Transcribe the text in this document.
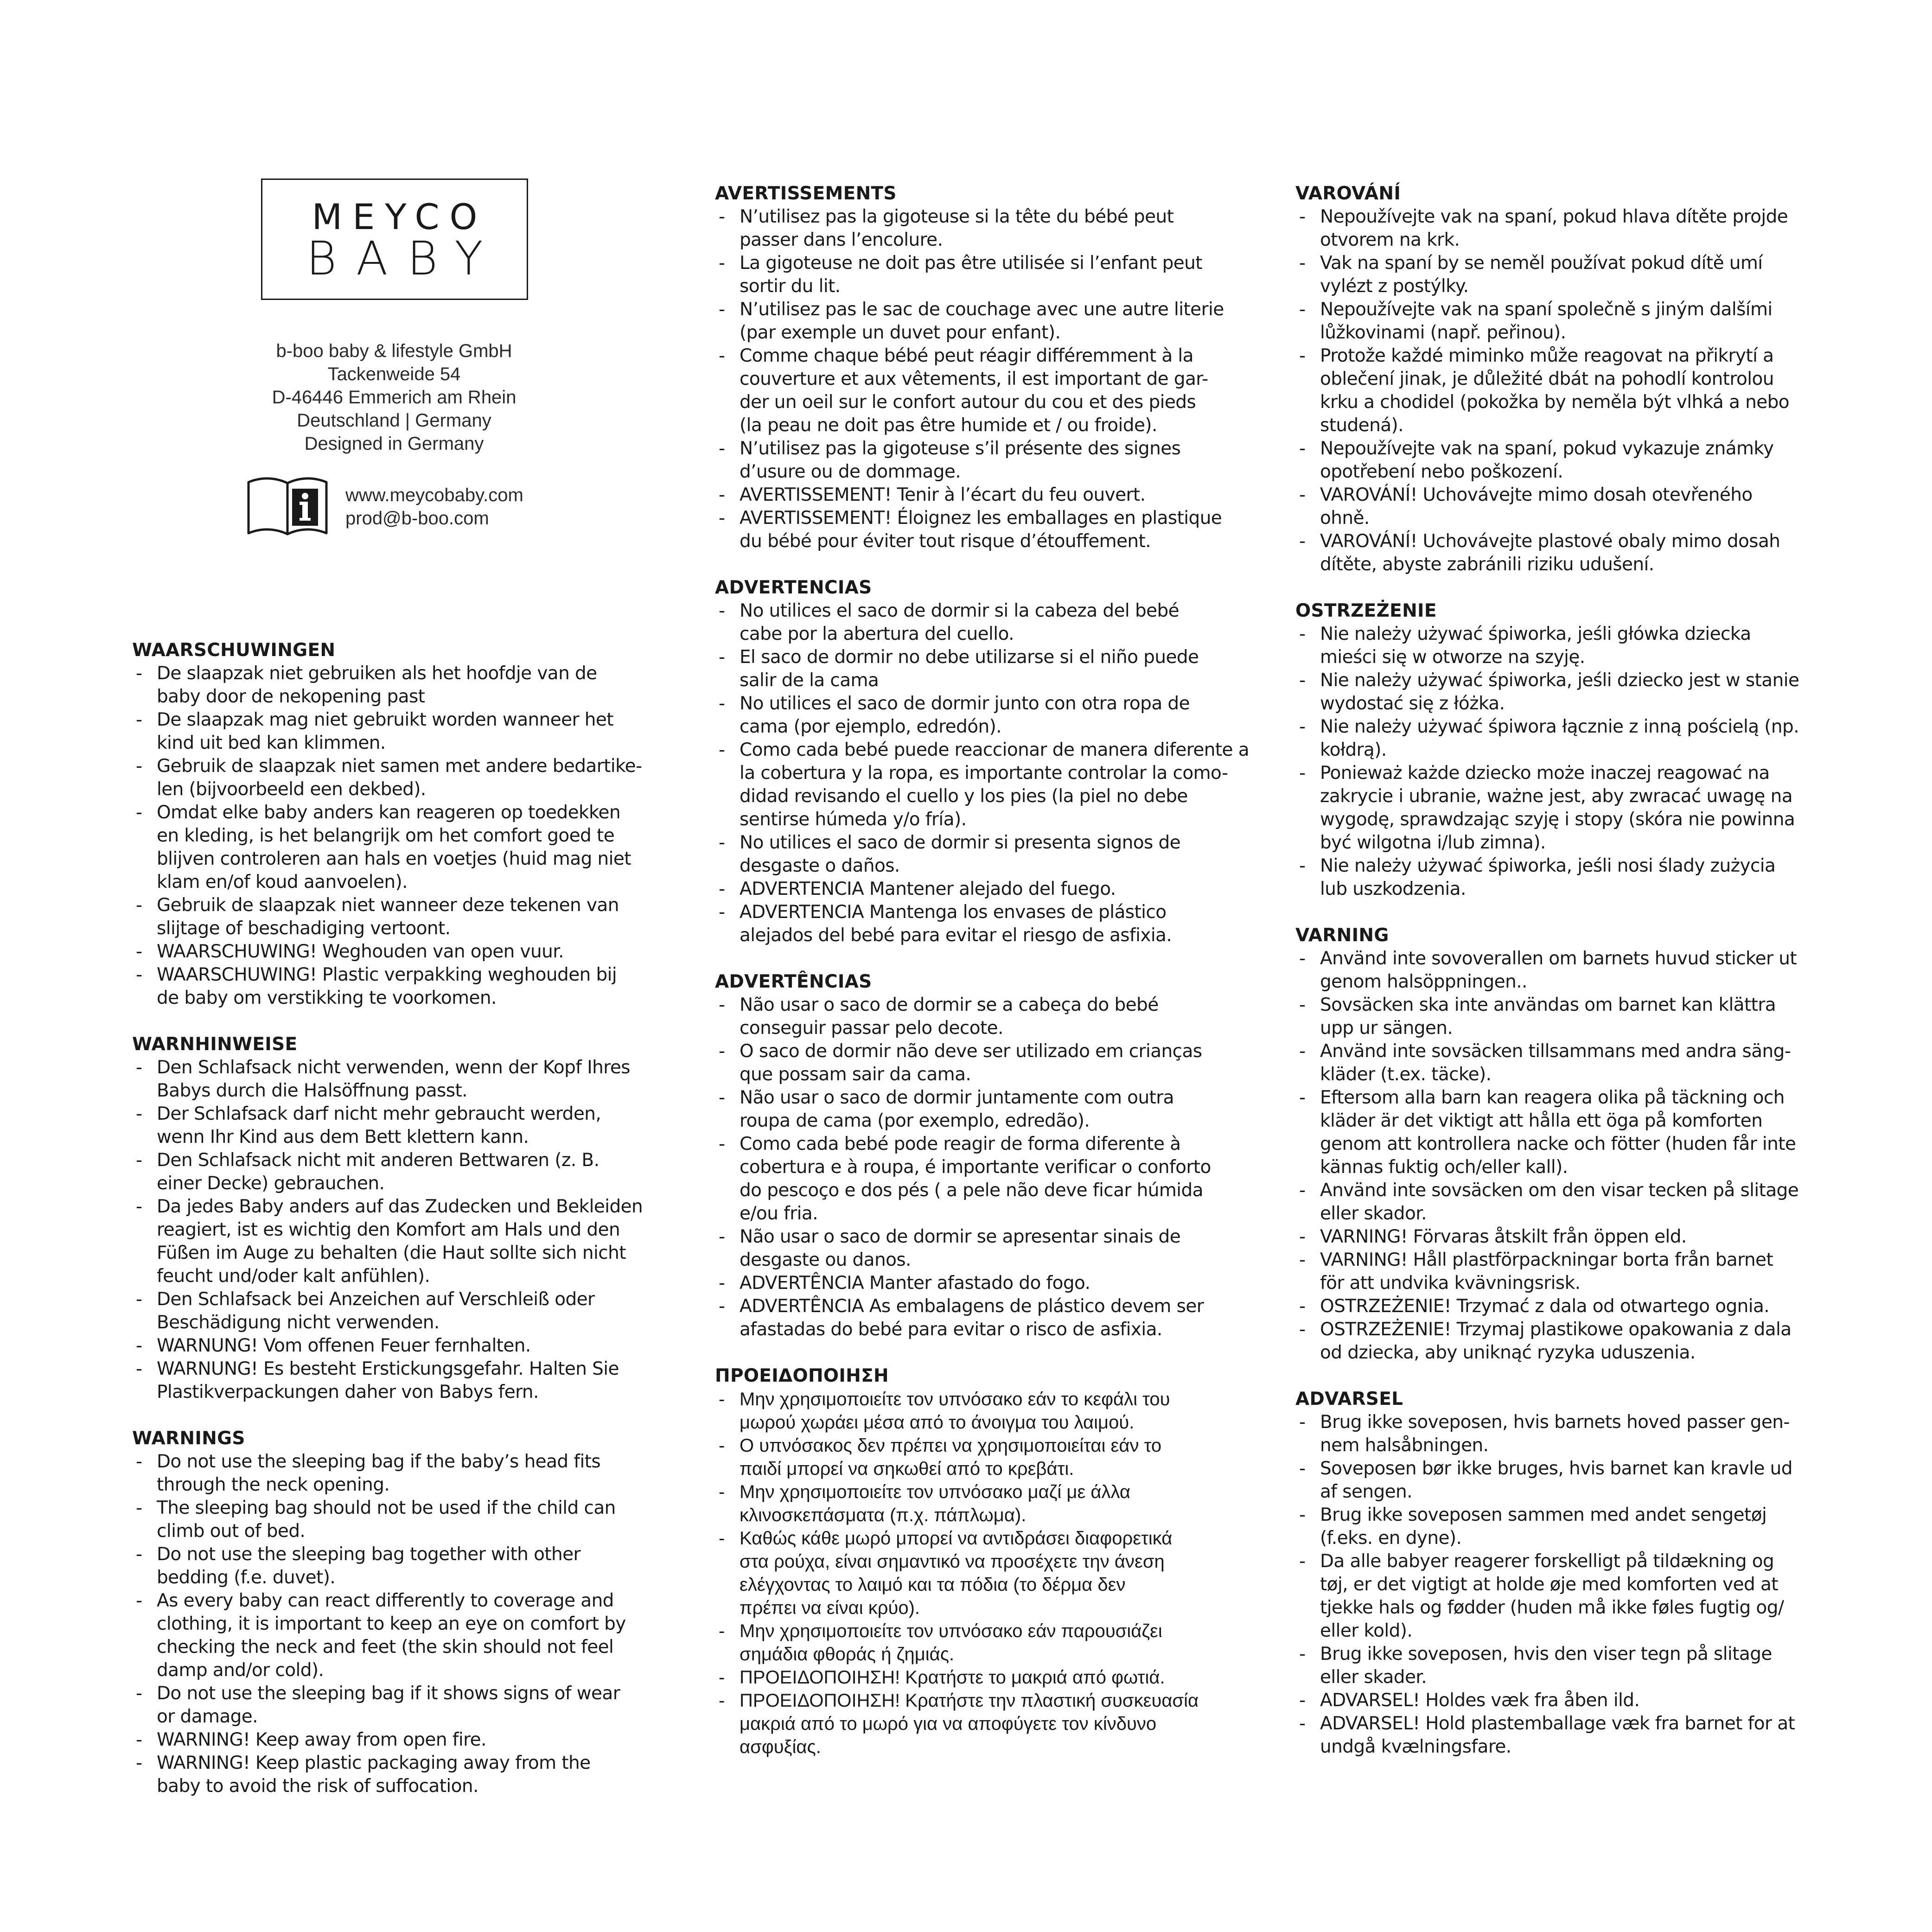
MEYCO
BABY
b-boo baby & lifestyle GmbH
Tackenweide 54
D-46446 Emmerich am Rhein
Deutschland | Germany
Designed in Germany
www.meycobaby.com
prod@b-boo.com
WAARSCHUWINGEN
- De slaapzak niet gebruiken als het hoofdje van de
baby door de nekopening past
- De slaapzak mag niet gebruikt worden wanneer het
kind uit bed kan klimmen.
- Gebruik de slaapzak niet samen met andere bedartike-
len (bijvoorbeeld een dekbed).
- Omdat elke baby anders kan reageren op toedekken
en kleding, is het belangrijk om het comfort goed te
blijven controleren aan hals en voetjes (huid mag niet
klam en/of koud aanvoelen).
- Gebruik de slaapzak niet wanneer deze tekenen van
slijtage of beschadiging vertoont.
- WAARSCHUWING! Weghouden van open vuur.
- WAARSCHUWING! Plastic verpakking weghouden bij
de baby om verstikking te voorkomen.
WARNHINWEISE
- Den Schlafsack nicht verwenden, wenn der Kopf Ihres
Babys durch die Halsöffnung passt.
- Der Schlafsack darf nicht mehr gebraucht werden,
wenn Ihr Kind aus dem Bett klettern kann.
- Den Schlafsack nicht mit anderen Bettwaren (z. B.
einer Decke) gebrauchen.
- Da jedes Baby anders auf das Zudecken und Bekleiden
reagiert, ist es wichtig den Komfort am Hals und den
Füßen im Auge zu behalten (die Haut sollte sich nicht
feucht und/oder kalt anfühlen).
- Den Schlafsack bei Anzeichen auf Verschleiß oder
Beschädigung nicht verwenden.
- WARNUNG! Vom offenen Feuer fernhalten.
- WARNUNG! Es besteht Erstickungsgefahr. Halten Sie
Plastikverpackungen daher von Babys fern.
WARNINGS
- Do not use the sleeping bag if the baby’s head fits
through the neck opening.
- The sleeping bag should not be used if the child can
climb out of bed.
- Do not use the sleeping bag together with other
bedding (f.e. duvet).
- As every baby can react differently to coverage and
clothing, it is important to keep an eye on comfort by
checking the neck and feet (the skin should not feel
damp and/or cold).
- Do not use the sleeping bag if it shows signs of wear
or damage.
- WARNING! Keep away from open fire.
- WARNING! Keep plastic packaging away from the
baby to avoid the risk of suffocation.
AVERTISSEMENTS
- N’utilisez pas la gigoteuse si la tête du bébé peut
passer dans l’encolure.
- La gigoteuse ne doit pas être utilisée si l’enfant peut
sortir du lit.
- N’utilisez pas le sac de couchage avec une autre literie
(par exemple un duvet pour enfant).
- Comme chaque bébé peut réagir différemment à la
couverture et aux vêtements, il est important de gar-
der un oeil sur le confort autour du cou et des pieds
(la peau ne doit pas être humide et / ou froide).
- N’utilisez pas la gigoteuse s’il présente des signes
d’usure ou de dommage.
- AVERTISSEMENT! Tenir à l’écart du feu ouvert.
- AVERTISSEMENT! Éloignez les emballages en plastique
du bébé pour éviter tout risque d’étouffement.
ADVERTENCIAS
- No utilices el saco de dormir si la cabeza del bebé
cabe por la abertura del cuello.
- El saco de dormir no debe utilizarse si el niño puede
salir de la cama
- No utilices el saco de dormir junto con otra ropa de
cama (por ejemplo, edredón).
- Como cada bebé puede reaccionar de manera diferente a
la cobertura y la ropa, es importante controlar la como-
didad revisando el cuello y los pies (la piel no debe
sentirse húmeda y/o fría).
- No utilices el saco de dormir si presenta signos de
desgaste o daños.
- ADVERTENCIA Mantener alejado del fuego.
- ADVERTENCIA Mantenga los envases de plástico
alejados del bebé para evitar el riesgo de asfixia.
ADVERTÊNCIAS
- Não usar o saco de dormir se a cabeça do bebé
conseguir passar pelo decote.
- O saco de dormir não deve ser utilizado em crianças
que possam sair da cama.
- Não usar o saco de dormir juntamente com outra
roupa de cama (por exemplo, edredão).
- Como cada bebé pode reagir de forma diferente à
cobertura e à roupa, é importante verificar o conforto
do pescoço e dos pés ( a pele não deve ficar húmida
e/ou fria.
- Não usar o saco de dormir se apresentar sinais de
desgaste ou danos.
- ADVERTÊNCIA Manter afastado do fogo.
- ADVERTÊNCIA As embalagens de plástico devem ser
afastadas do bebé para evitar o risco de asfixia.
ΠΡΟΕΙΔΟΠΟΙΗΣΗ
- Μην χρησιμοποιείτε τον υπνόσακο εάν το κεφάλι του
μωρού χωράει μέσα από το άνοιγμα του λαιμού.
- Ο υπνόσακος δεν πρέπει να χρησιμοποιείται εάν το
παιδί μπορεί να σηκωθεί από το κρεβάτι.
- Μην χρησιμοποιείτε τον υπνόσακο μαζί με άλλα
κλινοσκεπάσματα (π.χ. πάπλωμα).
- Καθώς κάθε μωρό μπορεί να αντιδράσει διαφορετικά
στα ρούχα, είναι σημαντικό να προσέχετε την άνεση
ελέγχοντας το λαιμό και τα πόδια (το δέρμα δεν
πρέπει να είναι κρύο).
- Μην χρησιμοποιείτε τον υπνόσακο εάν παρουσιάζει
σημάδια φθοράς ή ζημιάς.
- ΠΡΟΕΙΔΟΠΟΙΗΣΗ! Κρατήστε το μακριά από φωτιά.
- ΠΡΟΕΙΔΟΠΟΙΗΣΗ! Κρατήστε την πλαστική συσκευασία
μακριά από το μωρό για να αποφύγετε τον κίνδυνο
ασφυξίας.
VAROVÁNÍ
- Nepoužívejte vak na spaní, pokud hlava dítěte projde
otvorem na krk.
- Vak na spaní by se neměl používat pokud dítě umí
vylézt z postýlky.
- Nepoužívejte vak na spaní společně s jiným dalšími
lůžkovinami (např. peřinou).
- Protože každé miminko může reagovat na přikrytí a
oblečení jinak, je důležité dbát na pohodlí kontrolou
krku a chodidel (pokožka by neměla být vlhká a nebo
studená).
- Nepoužívejte vak na spaní, pokud vykazuje známky
opotřebení nebo poškození.
- VAROVÁNÍ! Uchovávejte mimo dosah otevřeného
ohně.
- VAROVÁNÍ! Uchovávejte plastové obaly mimo dosah
dítěte, abyste zabránili riziku udušení.
OSTRZEŻENIE
- Nie należy używać śpiworka, jeśli główka dziecka
mieści się w otworze na szyję.
- Nie należy używać śpiworka, jeśli dziecko jest w stanie
wydostać się z łóżka.
- Nie należy używać śpiwora łącznie z inną pościelą (np.
kołdrą).
- Ponieważ każde dziecko może inaczej reagować na
zakrycie i ubranie, ważne jest, aby zwracać uwagę na
wygodę, sprawdzając szyję i stopy (skóra nie powinna
być wilgotna i/lub zimna).
- Nie należy używać śpiworka, jeśli nosi ślady zużycia
lub uszkodzenia.
VARNING
- Använd inte sovoverallen om barnets huvud sticker ut
genom halsöppningen..
- Sovsäcken ska inte användas om barnet kan klättra
upp ur sängen.
- Använd inte sovsäcken tillsammans med andra säng-
kläder (t.ex. täcke).
- Eftersom alla barn kan reagera olika på täckning och
kläder är det viktigt att hålla ett öga på komforten
genom att kontrollera nacke och fötter (huden får inte
kännas fuktig och/eller kall).
- Använd inte sovsäcken om den visar tecken på slitage
eller skador.
- VARNING! Förvaras åtskilt från öppen eld.
- VARNING! Håll plastförpackningar borta från barnet
för att undvika kvävningsrisk.
- OSTRZEŻENIE! Trzymać z dala od otwartego ognia.
- OSTRZEŻENIE! Trzymaj plastikowe opakowania z dala
od dziecka, aby uniknąć ryzyka uduszenia.
ADVARSEL
- Brug ikke soveposen, hvis barnets hoved passer gen-
nem halsåbningen.
- Soveposen bør ikke bruges, hvis barnet kan kravle ud
af sengen.
- Brug ikke soveposen sammen med andet sengetøj
(f.eks. en dyne).
- Da alle babyer reagerer forskelligt på tildækning og
tøj, er det vigtigt at holde øje med komforten ved at
tjekke hals og fødder (huden må ikke føles fugtig og/
eller kold).
- Brug ikke soveposen, hvis den viser tegn på slitage
eller skader.
- ADVARSEL! Holdes væk fra åben ild.
- ADVARSEL! Hold plastemballage væk fra barnet for at
undgå kvælningsfare.
